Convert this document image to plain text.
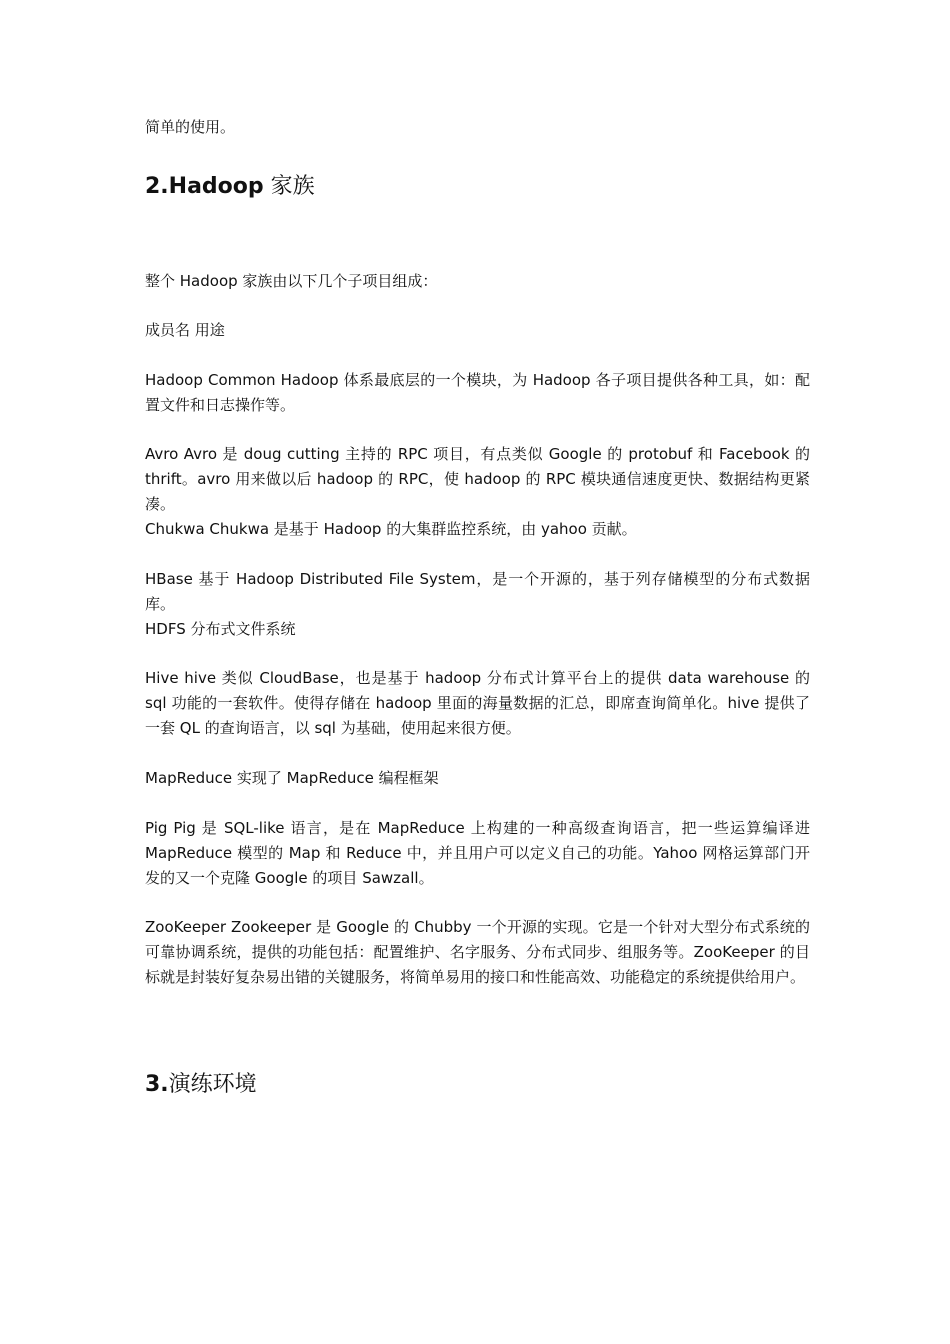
简单的使用。

2.Hadoop 家族

整个 Hadoop 家族由以下几个子项目组成：

成员名 用途

Hadoop Common Hadoop 体系最底层的一个模块，为 Hadoop 各子项目提供各种工具，如：配置文件和日志操作等。

Avro Avro 是 doug cutting 主持的 RPC 项目，有点类似 Google 的 protobuf 和 Facebook 的 thrift。avro 用来做以后 hadoop 的 RPC，使 hadoop 的 RPC 模块通信速度更快、数据结构更紧凑。

Chukwa Chukwa 是基于 Hadoop 的大集群监控系统，由 yahoo 贡献。

HBase 基于 Hadoop Distributed File System，是一个开源的，基于列存储模型的分布式数据库。

HDFS 分布式文件系统

Hive hive 类似 CloudBase，也是基于 hadoop 分布式计算平台上的提供 data warehouse 的 sql 功能的一套软件。使得存储在 hadoop 里面的海量数据的汇总，即席查询简单化。hive 提供了一套 QL 的查询语言，以 sql 为基础，使用起来很方便。

MapReduce 实现了 MapReduce 编程框架

Pig Pig 是 SQL-like 语言，是在 MapReduce 上构建的一种高级查询语言，把一些运算编译进 MapReduce 模型的 Map 和 Reduce 中，并且用户可以定义自己的功能。Yahoo 网格运算部门开发的又一个克隆 Google 的项目 Sawzall。

ZooKeeper Zookeeper 是 Google 的 Chubby 一个开源的实现。它是一个针对大型分布式系统的可靠协调系统，提供的功能包括：配置维护、名字服务、分布式同步、组服务等。ZooKeeper 的目标就是封装好复杂易出错的关键服务，将简单易用的接口和性能高效、功能稳定的系统提供给用户。

3.演练环境
